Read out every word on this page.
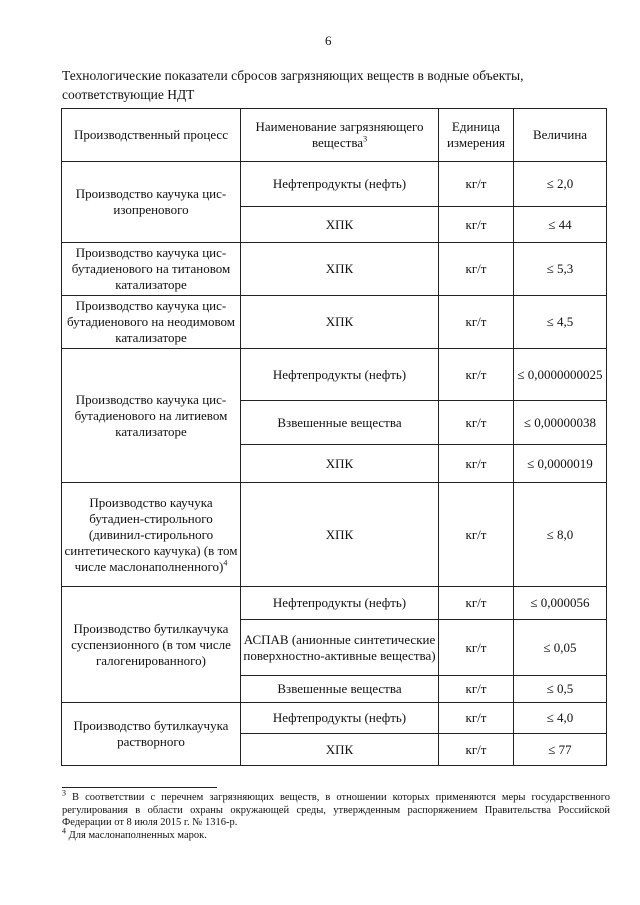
6
Технологические показатели сбросов загрязняющих веществ в водные объекты, соответствующие НДТ
Производственный процесс	Наименование загрязняющего вещества$^3$	Единица измерения	Величина
Производство каучука цис-изопренового	Нефтепродукты (нефть)	кг/т	≤ 2,0
	ХПК	кг/т	≤ 44
Производство каучука цис-бутадиенового на титановом катализаторе	ХПК	кг/т	≤ 5,3
Производство каучука цис-бутадиенового на неодимовом катализаторе	ХПК	кг/т	≤ 4,5
Производство каучука цис-бутадиенового на литиевом катализаторе	Нефтепродукты (нефть)	кг/т	≤ 0,0000000025
	Взвешенные вещества	кг/т	≤ 0,00000038
	ХПК	кг/т	≤ 0,0000019
Производство каучука бутадиен-стирольного (дивинил-стирольного синтетического каучука) (в том числе маслонаполненного)$^4$	ХПК	кг/т	≤ 8,0
Производство бутилкаучука суспензионного (в том числе галогенированного)	Нефтепродукты (нефть)	кг/т	≤ 0,000056
	АСПАВ (анионные синтетические поверхностно-активные вещества)	кг/т	≤ 0,05
	Взвешенные вещества	кг/т	≤ 0,5
Производство бутилкаучука растворного	Нефтепродукты (нефть)	кг/т	≤ 4,0
	ХПК	кг/т	≤ 77

$^3$ В соответствии с перечнем загрязняющих веществ, в отношении которых применяются меры государственного регулирования в области охраны окружающей среды, утвержденным распоряжением Правительства Российской Федерации от 8 июля 2015 г. № 1316-р.

$^4$ Для маслонаполненных марок.
